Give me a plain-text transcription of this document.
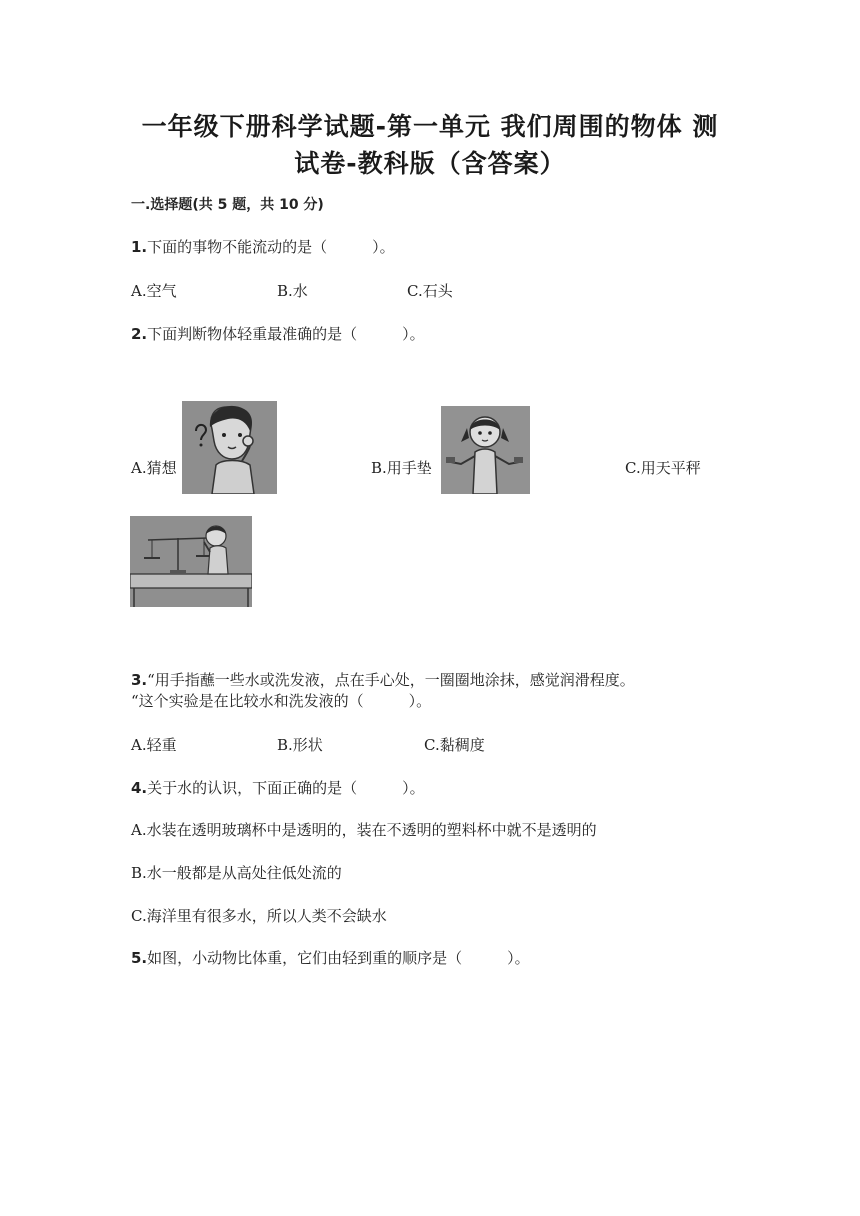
一年级下册科学试题-第一单元 我们周围的物体 测
试卷-教科版（含答案）
一.选择题(共 5 题，共 10 分)
1.下面的事物不能流动的是（　　　）。
A.空气	B.水	C.石头
2.下面判断物体轻重最准确的是（　　　）。
A.猜想	B.用手垫	C.用天平秤
3.“用手指蘸一些水或洗发液，点在手心处，一圈圈地涂抹，感觉润滑程度。
“这个实验是在比较水和洗发液的（　　　）。
A.轻重	B.形状	C.黏稠度
4.关于水的认识，下面正确的是（　　　）。
A.水装在透明玻璃杯中是透明的，装在不透明的塑料杯中就不是透明的
B.水一般都是从高处往低处流的
C.海洋里有很多水，所以人类不会缺水
5.如图，小动物比体重，它们由轻到重的顺序是（　　　）。
